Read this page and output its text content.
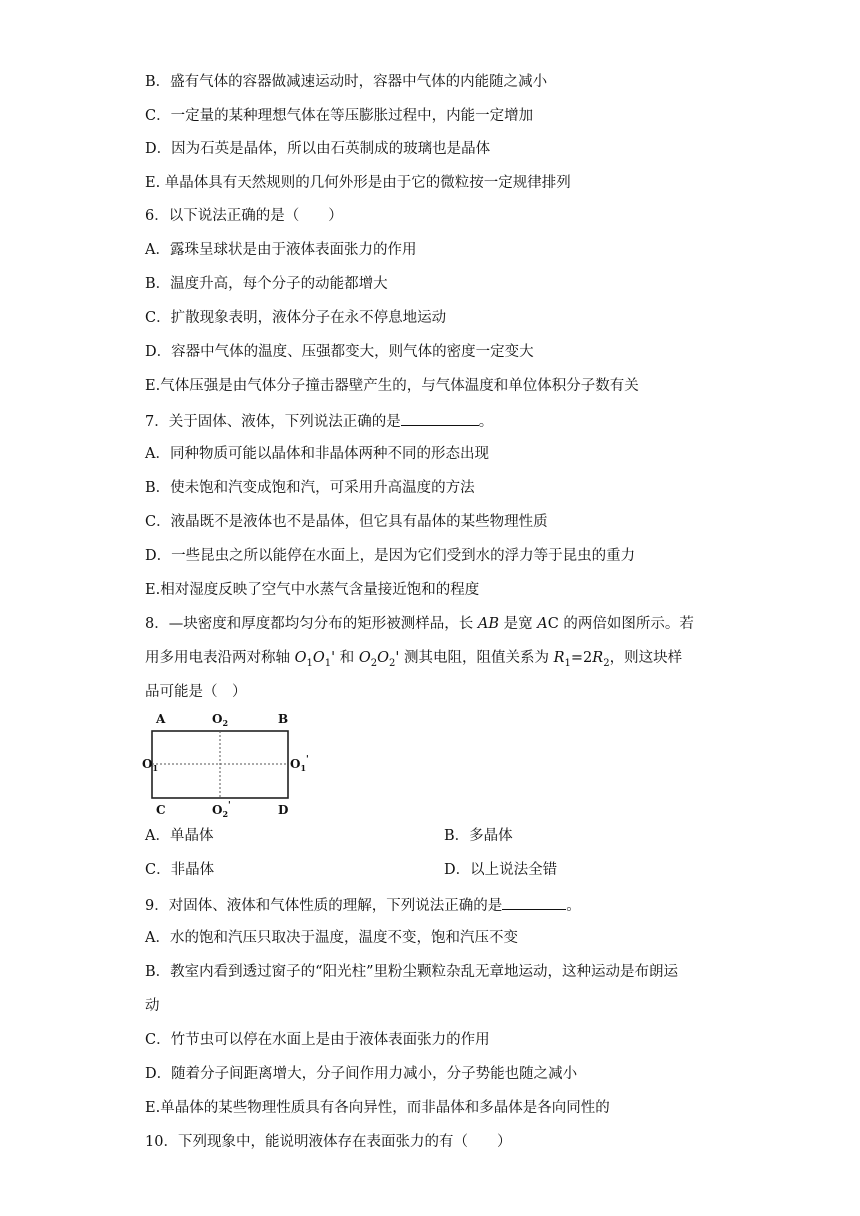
B．盛有气体的容器做减速运动时，容器中气体的内能随之减小
C．一定量的某种理想气体在等压膨胀过程中，内能一定增加
D．因为石英是晶体，所以由石英制成的玻璃也是晶体
E. 单晶体具有天然规则的几何外形是由于它的微粒按一定规律排列
6．以下说法正确的是（　　）
A．露珠呈球状是由于液体表面张力的作用
B．温度升高，每个分子的动能都增大
C．扩散现象表明，液体分子在永不停息地运动
D．容器中气体的温度、压强都变大，则气体的密度一定变大
E.气体压强是由气体分子撞击器壁产生的，与气体温度和单位体积分子数有关
7．关于固体、液体，下列说法正确的是	。
A．同种物质可能以晶体和非晶体两种不同的形态出现
B．使未饱和汽变成饱和汽，可采用升高温度的方法
C．液晶既不是液体也不是晶体，但它具有晶体的某些物理性质
D．一些昆虫之所以能停在水面上，是因为它们受到水的浮力等于昆虫的重力
E.相对湿度反映了空气中水蒸气含量接近饱和的程度
8．—块密度和厚度都均匀分布的矩形被测样品，长 AB 是宽 AC 的两倍如图所示。若
用多用电表沿两对称轴 $O_1O_1'$ 和 $O_2O_2'$ 测其电阻，阻值关系为 $R_1=2R_2$，则这块样
品可能是（　）
A	$O_2$	B
$O_1$	$O_1'$
C	$O_2'$	D
A．单晶体	B．多晶体
C．非晶体	D．以上说法全错
9．对固体、液体和气体性质的理解，下列说法正确的是	。
A．水的饱和汽压只取决于温度，温度不变，饱和汽压不变
B．教室内看到透过窗子的“阳光柱”里粉尘颗粒杂乱无章地运动，这种运动是布朗运
动
C．竹节虫可以停在水面上是由于液体表面张力的作用
D．随着分子间距离增大，分子间作用力减小，分子势能也随之减小
E.单晶体的某些物理性质具有各向异性，而非晶体和多晶体是各向同性的
10．下列现象中，能说明液体存在表面张力的有（　　）
